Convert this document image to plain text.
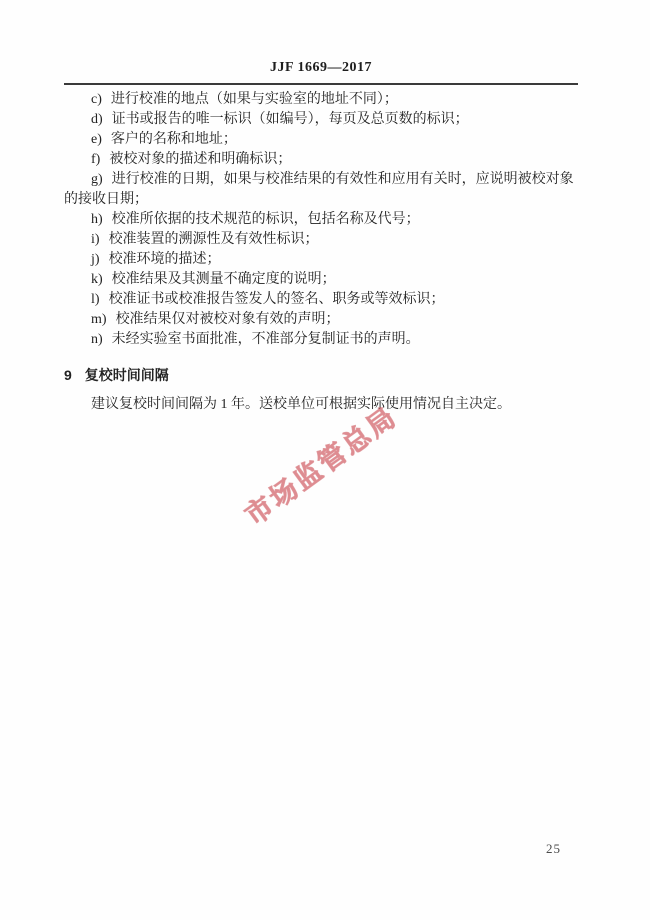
JJF 1669—2017

c) 进行校准的地点（如果与实验室的地址不同）；

d) 证书或报告的唯一标识（如编号），每页及总页数的标识；

e) 客户的名称和地址；

f) 被校对象的描述和明确标识；

g) 进行校准的日期，如果与校准结果的有效性和应用有关时，应说明被校对象的接收日期；

h) 校准所依据的技术规范的标识，包括名称及代号；

i) 校准装置的溯源性及有效性标识；

j) 校准环境的描述；

k) 校准结果及其测量不确定度的说明；

l) 校准证书或校准报告签发人的签名、职务或等效标识；

m) 校准结果仅对被校对象有效的声明；

n) 未经实验室书面批准，不准部分复制证书的声明。

9 复校时间间隔

建议复校时间间隔为 1 年。送校单位可根据实际使用情况自主决定。

市场监管总局
25
